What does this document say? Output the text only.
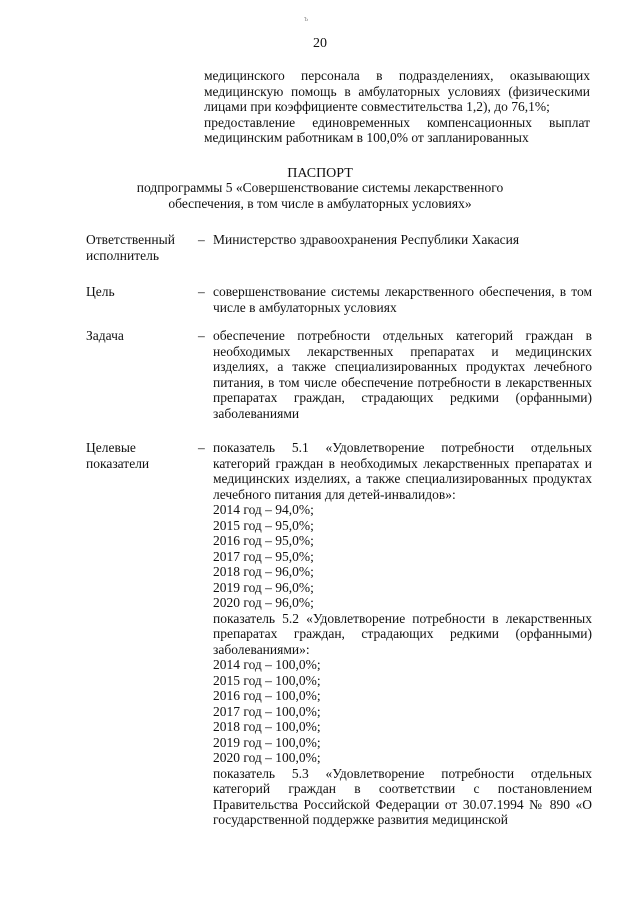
ъ
20

медицинского персонала в подразделениях, оказывающих медицинскую помощь в амбулаторных условиях (физическими лицами при коэффициенте совместительства 1,2), до 76,1%;

предоставление единовременных компенсационных выплат медицинским работникам в 100,0% от запланированных

ПАСПОРТ
подпрограммы 5 «Совершенствование системы лекарственного обеспечения, в том числе в амбулаторных условиях»
Ответственный исполнитель
– Министерство здравоохранения Республики Хакасия
Цель	– совершенствование системы лекарственного обеспечения, в том числе в амбулаторных условиях
Задача	– обеспечение потребности отдельных категорий граждан в необходимых лекарственных препаратах и медицинских изделиях, а также специализированных продуктах лечебного питания, в том числе обеспечение потребности в лекарственных препаратах граждан, страдающих редкими (орфанными) заболеваниями
Целевые показатели
– показатель 5.1 «Удовлетворение потребности отдельных категорий граждан в необходимых лекарственных препаратах и медицинских изделиях, а также специализированных продуктах лечебного питания для детей-инвалидов»:

2014 год – 94,0%;

2015 год – 95,0%;

2016 год – 95,0%;

2017 год – 95,0%;

2018 год – 96,0%;

2019 год – 96,0%;

2020 год – 96,0%;

показатель 5.2 «Удовлетворение потребности в лекарственных препаратах граждан, страдающих редкими (орфанными) заболеваниями»:

2014 год – 100,0%;

2015 год – 100,0%;

2016 год – 100,0%;

2017 год – 100,0%;

2018 год – 100,0%;

2019 год – 100,0%;

2020 год – 100,0%;

показатель 5.3 «Удовлетворение потребности отдельных категорий граждан в соответствии с постановлением Правительства Российской Федерации от 30.07.1994 № 890 «О государственной поддержке развития медицинской
